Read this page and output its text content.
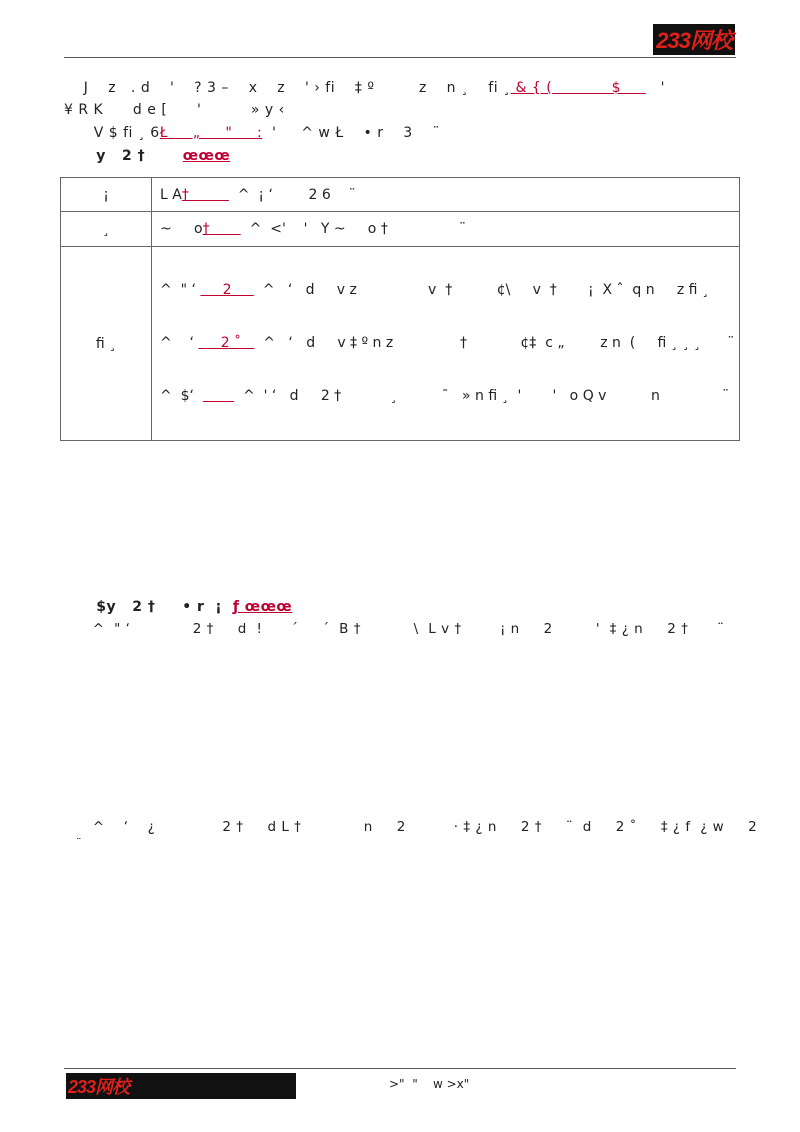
233网校
J    z   . d    '    ? 3 –    x    z    ' › fi    ‡ º         z    n ¸    fi ¸ & { (            $        '
¥ R K      d e [      '          » y ‹
V $ fi ¸ 6Ł     „     "     :  '     ^ w Ł    • r    3    ¨
y   2 †       œœœ
¡	L A†           ^  ¡ ‘        2 6    ¨
¸	~     o†         ^  <'    '   Y ~     o †                ¨
fi ¸	^  " ‘      2       ^   ‘   d     v z                v  †          ¢\     v  †       ¡  X ˆ  q n     z fi ¸

^    ‘      2 ˚     ^   ‘   d     v ‡ º n z               †            ¢‡  c „        z n  (     fi ¸ ¸ ¸      ¨

^  $‘           ^  ' ‘   d     2 †           ¸          ¯   » n fi ¸  '       '   o Q v          n              ¨

$y   2 †     • r  ¡  ƒ œœœ
^  " ‘             2 †     d  !      ´     ´  B †           \  L v †        ¡ n     2         '  ‡ ¿ n     2 †      ¨
^    ‘    ¿              2 †     d L †             n     2          · ‡ ¿ n     2 †     ¨  d     2 ˚     ‡ ¿ f  ¿ w     2
¨
233网校	>"  "    w >x"
